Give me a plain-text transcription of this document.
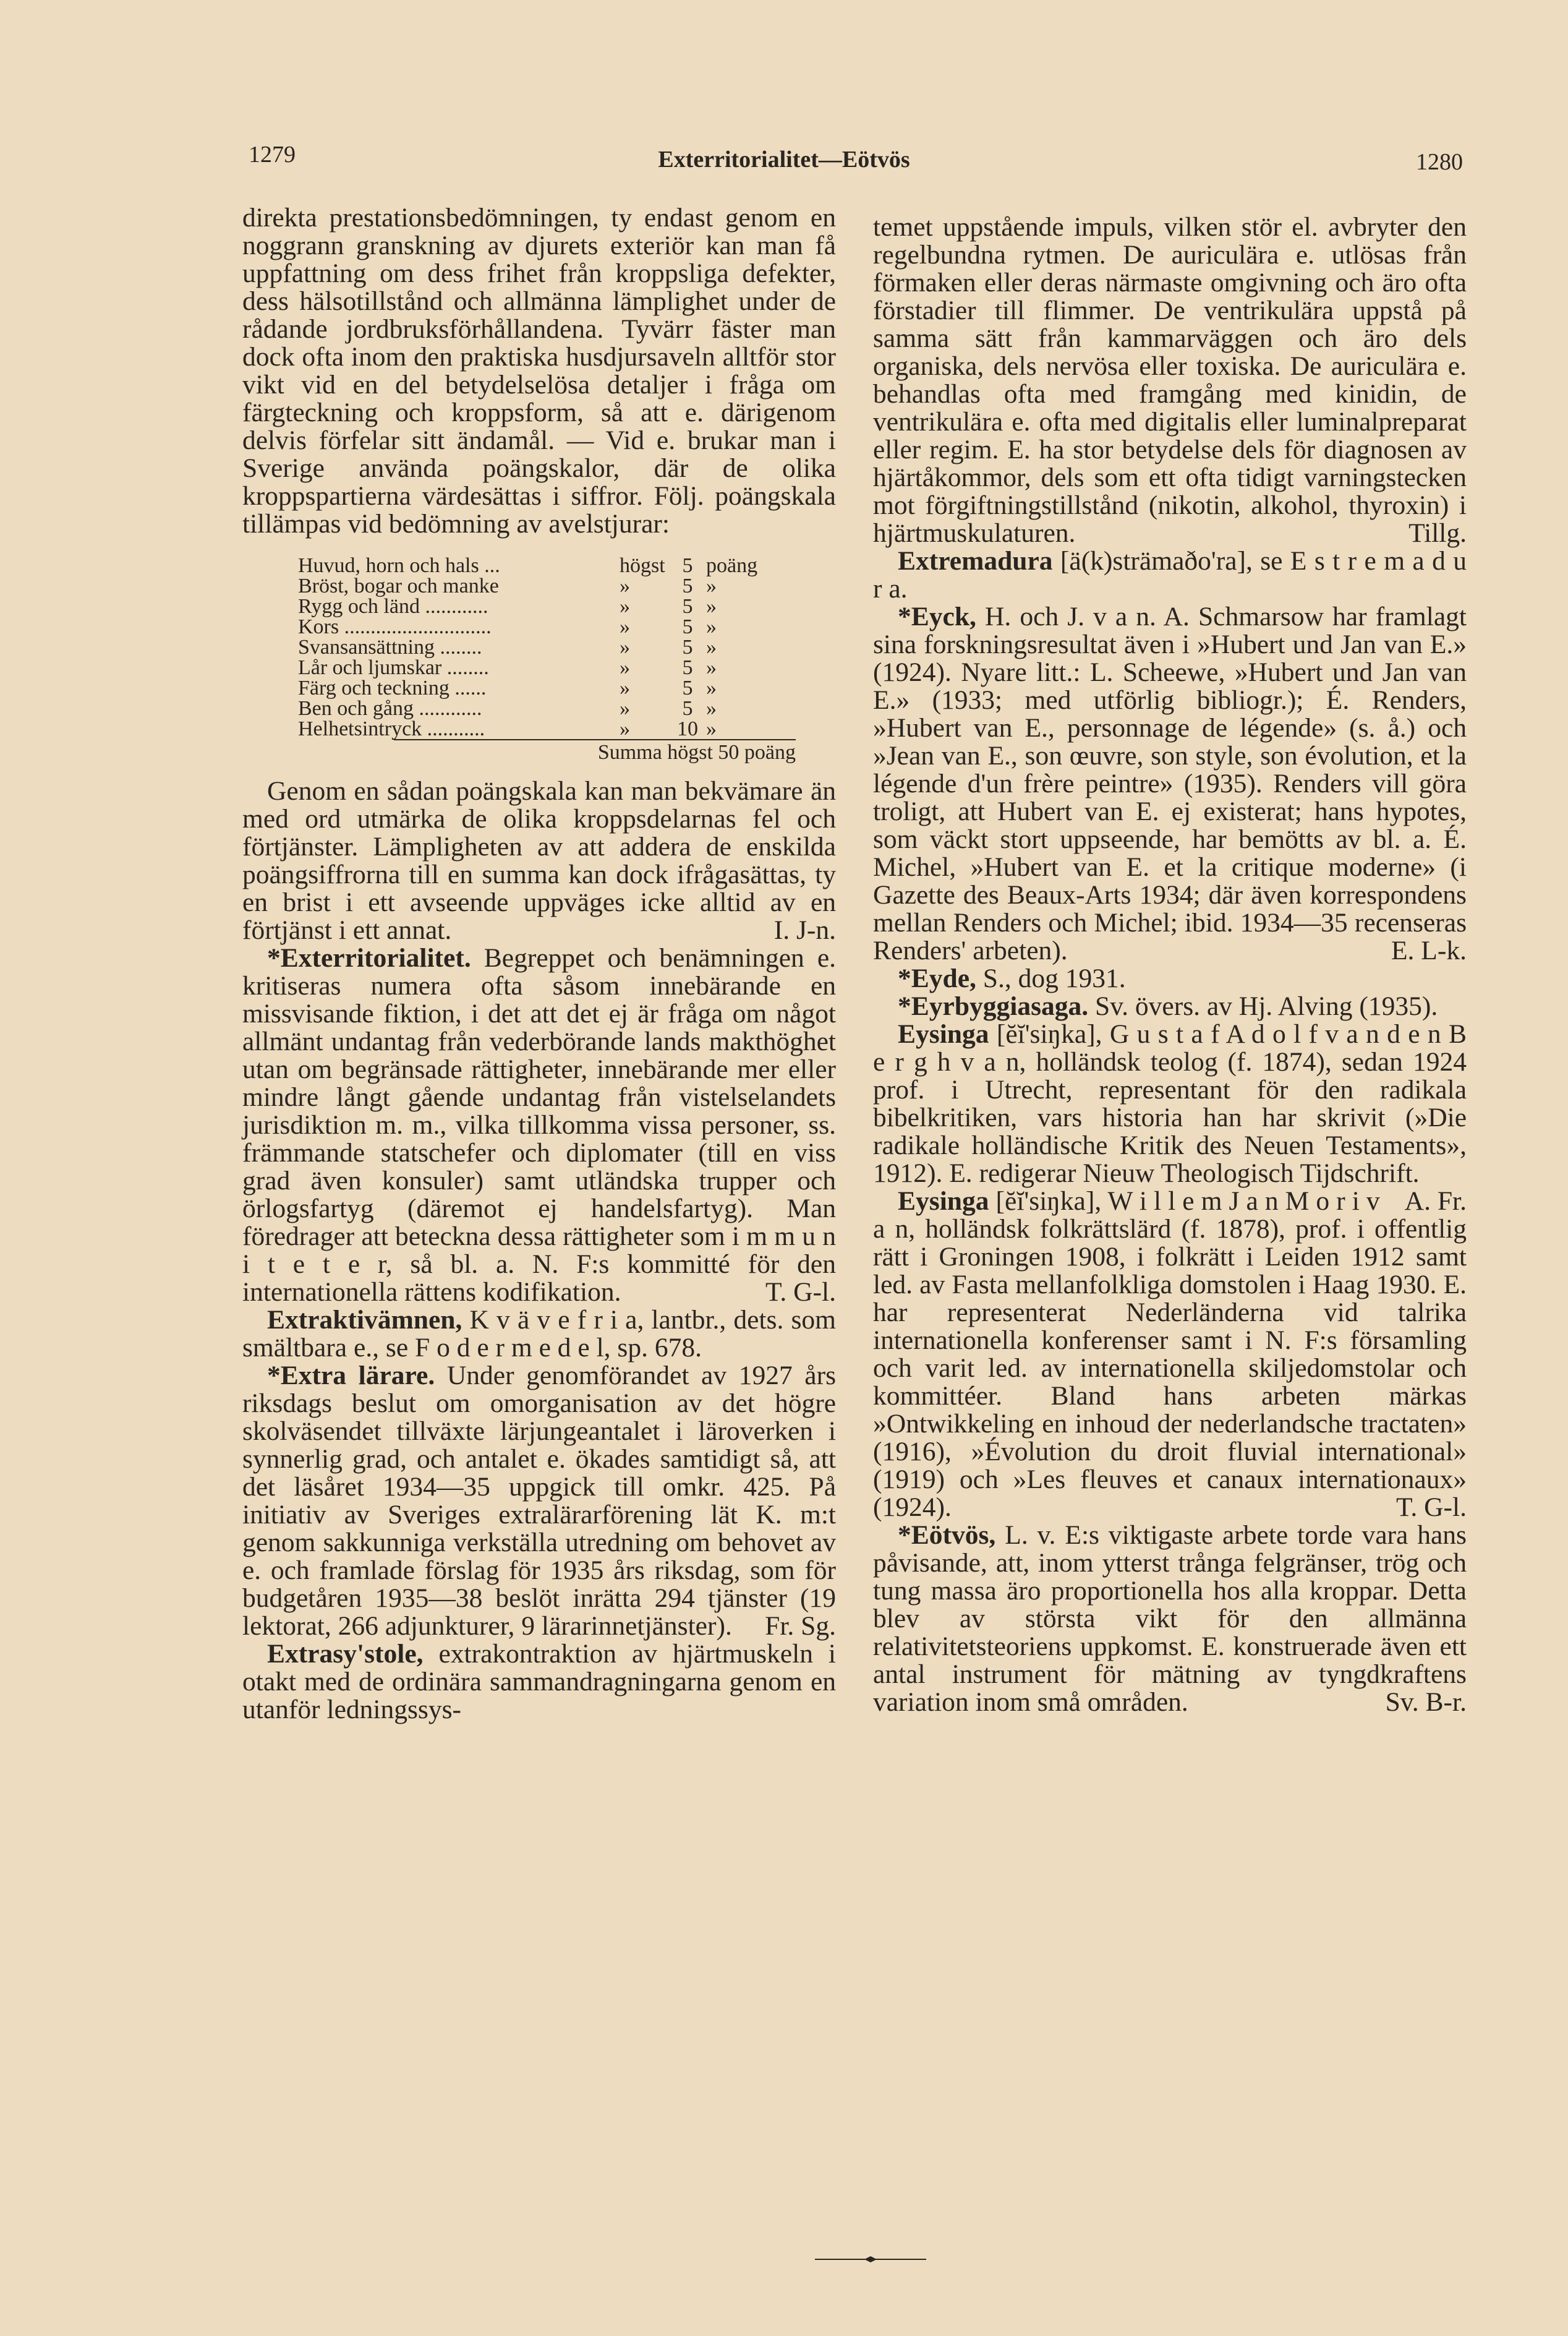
1279	Exterritorialitet—Eötvös	1280

direkta prestationsbedömningen, ty endast genom en noggrann granskning av djurets exteriör kan man få uppfattning om dess frihet från kroppsliga defekter, dess hälsotillstånd och allmänna lämplighet under de rådande jordbruksförhållandena. Tyvärr fäster man dock ofta inom den praktiska husdjursaveln alltför stor vikt vid en del betydelselösa detaljer i fråga om färgteckning och kroppsform, så att e. därigenom delvis förfelar sitt ändamål. — Vid e. brukar man i Sverige använda poängskalor, där de olika kroppspartierna värdesättas i siffror. Följ. poängskala tillämpas vid bedömning av avelstjurar:

Huvud, horn och hals ...	högst	5	poäng
Bröst, bogar och manke	»	5	»
Rygg och länd ............	»	5	»
Kors ............................	»	5	»
Svansansättning ........	»	5	»
Lår och ljumskar ........	»	5	»
Färg och teckning ......	»	5	»
Ben och gång ............	»	5	»
Helhetsintryck ...........	»	10	»
Summa högst 50 poäng

Genom en sådan poängskala kan man bekvämare än med ord utmärka de olika kroppsdelarnas fel och förtjänster. Lämpligheten av att addera de enskilda poängsiffrorna till en summa kan dock ifrågasättas, ty en brist i ett avseende uppväges icke alltid av en förtjänst i ett annat.	I. J-n.

*Exterritorialitet. Begreppet och benämningen e. kritiseras numera ofta såsom innebärande en missvisande fiktion, i det att det ej är fråga om något allmänt undantag från vederbörande lands makthöghet utan om begränsade rättigheter, innebärande mer eller mindre långt gående undantag från vistelselandets jurisdiktion m. m., vilka tillkomma vissa personer, ss. främmande statschefer och diplomater (till en viss grad även konsuler) samt utländska trupper och örlogsfartyg (däremot ej handelsfartyg). Man föredrager att beteckna dessa rättigheter som i m m u n i t e t e r, så bl. a. N. F:s kommitté för den internationella rättens kodifikation.	T. G-l.

Extraktivämnen, K v ä v e f r i a, lantbr., dets. som smältbara e., se F o d e r m e d e l, sp. 678.

*Extra lärare. Under genomförandet av 1927 års riksdags beslut om omorganisation av det högre skolväsendet tillväxte lärjungeantalet i läroverken i synnerlig grad, och antalet e. ökades samtidigt så, att det läsåret 1934—35 uppgick till omkr. 425. På initiativ av Sveriges extralärarförening lät K. m:t genom sakkunniga verkställa utredning om behovet av e. och framlade förslag för 1935 års riksdag, som för budgetåren 1935—38 beslöt inrätta 294 tjänster (19 lektorat, 266 adjunkturer, 9 lärarinnetjänster).	Fr. Sg.

Extrasy'stole, extrakontraktion av hjärtmuskeln i otakt med de ordinära sammandragningarna genom en utanför ledningssys-

temet uppstående impuls, vilken stör el. avbryter den regelbundna rytmen. De auriculära e. utlösas från förmaken eller deras närmaste omgivning och äro ofta förstadier till flimmer. De ventrikulära uppstå på samma sätt från kammarväggen och äro dels organiska, dels nervösa eller toxiska. De auriculära e. behandlas ofta med framgång med kinidin, de ventrikulära e. ofta med digitalis eller luminalpreparat eller regim. E. ha stor betydelse dels för diagnosen av hjärtåkommor, dels som ett ofta tidigt varningstecken mot förgiftningstillstånd (nikotin, alkohol, thyroxin) i hjärtmuskulaturen.	Tillg.

Extremadura [ä(k)strämaðo'ra], se E s t r e m a d u r a.

*Eyck, H. och J. v a n. A. Schmarsow har framlagt sina forskningsresultat även i »Hubert und Jan van E.» (1924). Nyare litt.: L. Scheewe, »Hubert und Jan van E.» (1933; med utförlig bibliogr.); É. Renders, »Hubert van E., personnage de légende» (s. å.) och »Jean van E., son œuvre, son style, son évolution, et la légende d'un frère peintre» (1935). Renders vill göra troligt, att Hubert van E. ej existerat; hans hypotes, som väckt stort uppseende, har bemötts av bl. a. É. Michel, »Hubert van E. et la critique moderne» (i Gazette des Beaux-Arts 1934; där även korrespondens mellan Renders och Michel; ibid. 1934—35 recenseras Renders' arbeten).	E. L-k.

*Eyde, S., dog 1931.

*Eyrbyggiasaga. Sv. övers. av Hj. Alving (1935).

Eysinga [ĕĭ'siŋka], G u s t a f A d o l f v a n d e n B e r g h v a n, holländsk teolog (f. 1874), sedan 1924 prof. i Utrecht, representant för den radikala bibelkritiken, vars historia han har skrivit (»Die radikale holländische Kritik des Neuen Testaments», 1912). E. redigerar Nieuw Theologisch Tijdschrift.
A. Fr.

Eysinga [ĕĭ'siŋka], W i l l e m J a n M o r i v a n, holländsk folkrättslärd (f. 1878), prof. i offentlig rätt i Groningen 1908, i folkrätt i Leiden 1912 samt led. av Fasta mellanfolkliga domstolen i Haag 1930. E. har representerat Nederländerna vid talrika internationella konferenser samt i N. F:s församling och varit led. av internationella skiljedomstolar och kommittéer. Bland hans arbeten märkas »Ontwikkeling en inhoud der nederlandsche tractaten» (1916), »Évolution du droit fluvial international» (1919) och »Les fleuves et canaux internationaux» (1924).	T. G-l.

*Eötvös, L. v. E:s viktigaste arbete torde vara hans påvisande, att, inom ytterst trånga felgränser, trög och tung massa äro proportionella hos alla kroppar. Detta blev av största vikt för den allmänna relativitetsteoriens uppkomst. E. konstruerade även ett antal instrument för mätning av tyngdkraftens variation inom små områden.	Sv. B-r.
